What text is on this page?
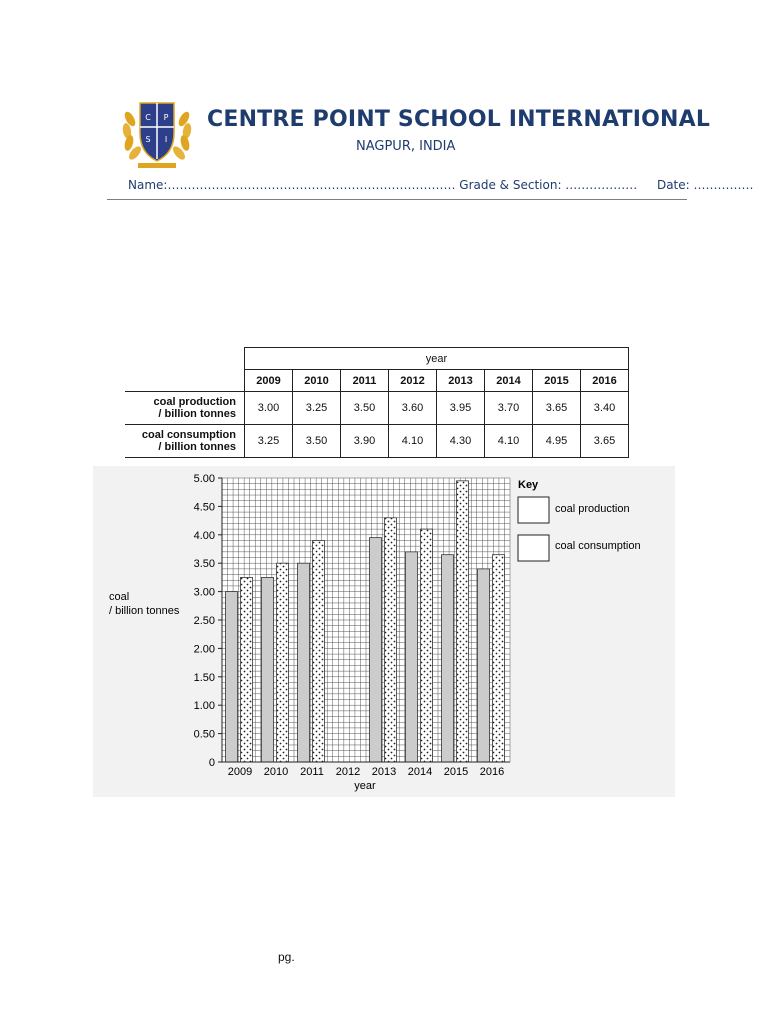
C P
S I
CENTRE POINT SCHOOL INTERNATIONAL
NAGPUR, INDIA
Name:……………………………………………………………… Grade & Section: ……………… Date: ……………
	year							
	2009	2010	2011	2012	2013	2014	2015	2016
coal production
/ billion tonnes	3.00	3.25	3.50	3.60	3.95	3.70	3.65	3.40
coal consumption
/ billion tonnes	3.25	3.50	3.90	4.10	4.30	4.10	4.95	3.65
2009 2010 2011 2012 2013 2014 2015 2016
0
0.50
1.00
1.50
2.00
2.50
3.00
3.50
4.00
4.50
5.00
coal
/ billion tonnes
year
Key
coal production
coal consumption
pg.
